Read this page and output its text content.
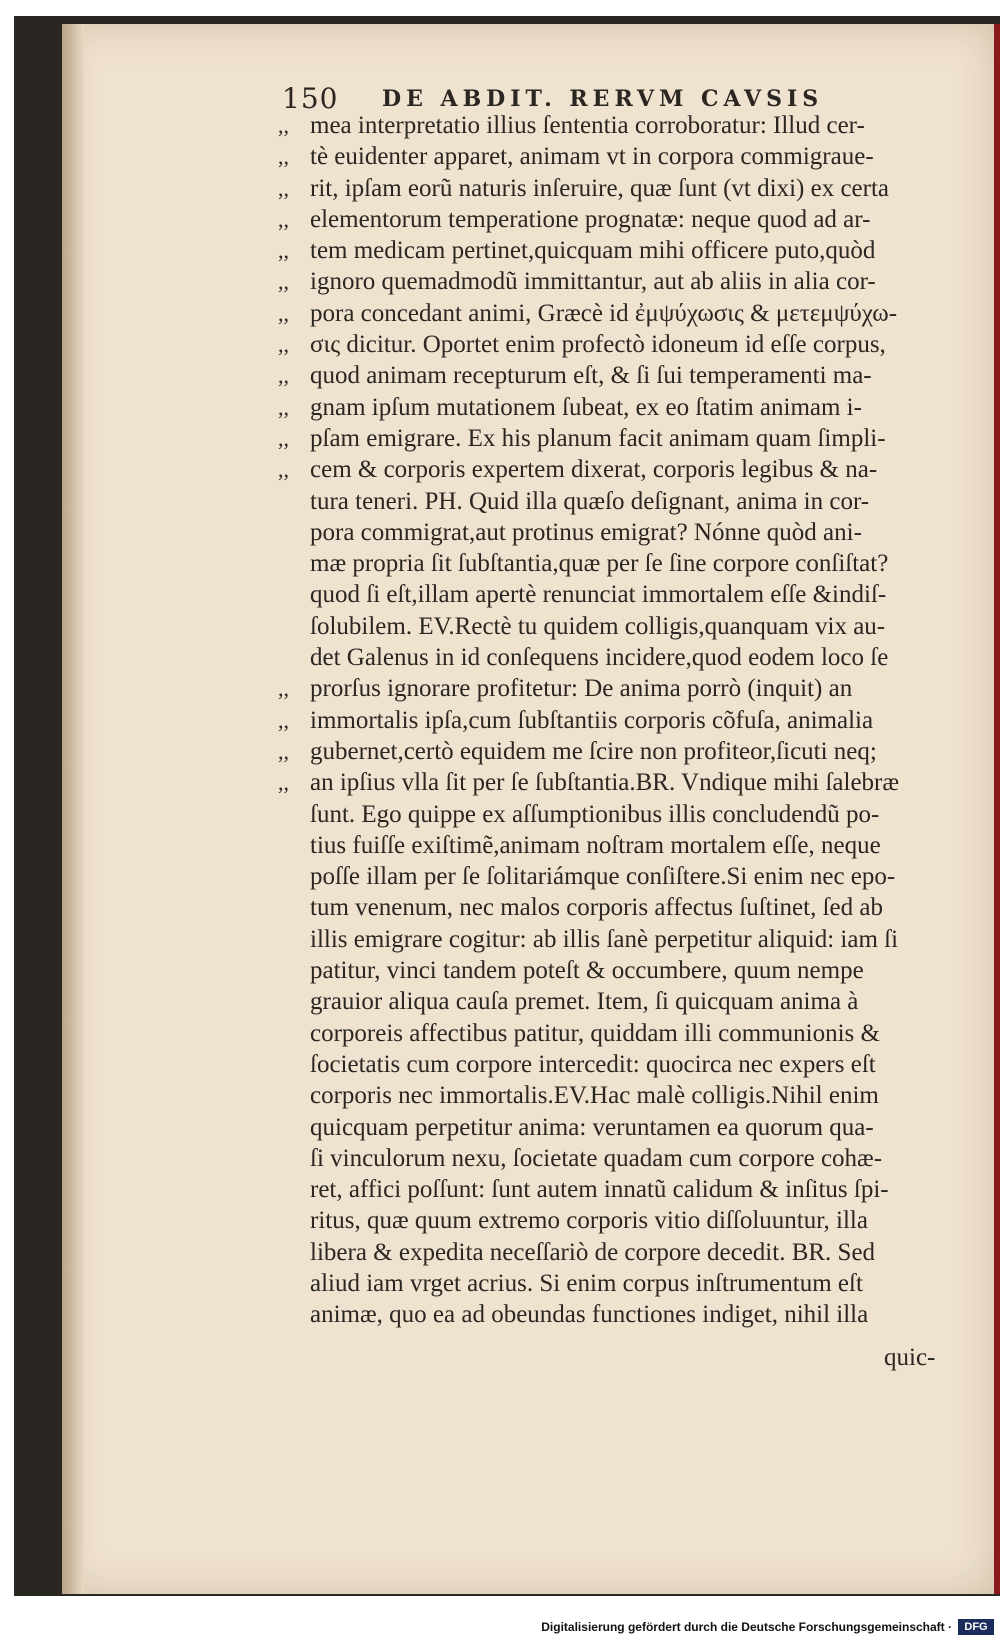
150 DE ABDIT. RERVM CAVSIS
,, mea interpretatio illius ſententia corroboratur: Illud cer-
,, tè euidenter apparet, animam vt in corpora commigraue-
,, rit, ipſam eorũ naturis inſeruire, quæ ſunt (vt dixi) ex certa
,, elementorum temperatione prognatæ: neque quod ad ar-
,, tem medicam pertinet,quicquam mihi officere puto,quòd
,, ignoro quemadmodũ immittantur, aut ab aliis in alia cor-
,, pora concedant animi, Græcè id ἐμψύχωσις & μετεμψύχω-
,, σις dicitur. Oportet enim profectò idoneum id eſſe corpus,
,, quod animam recepturum eſt, & ſi ſui temperamenti ma-
,, gnam ipſum mutationem ſubeat, ex eo ſtatim animam i-
,, pſam emigrare. Ex his planum facit animam quam ſimpli-
,, cem & corporis expertem dixerat, corporis legibus & na-
tura teneri. PH. Quid illa quæſo deſignant, anima in cor-
pora commigrat,aut protinus emigrat? Nónne quòd ani-
mæ propria ſit ſubſtantia,quæ per ſe ſine corpore conſiſtat?
quod ſi eſt,illam apertè renunciat immortalem eſſe &indiſ-
ſolubilem. EV.Rectè tu quidem colligis,quanquam vix au-
det Galenus in id conſequens incidere,quod eodem loco ſe
,, prorſus ignorare profitetur: De anima porrò (inquit) an
,, immortalis ipſa,cum ſubſtantiis corporis cõfuſa, animalia
,, gubernet,certò equidem me ſcire non profiteor,ſicuti neq;
,, an ipſius vlla ſit per ſe ſubſtantia.BR. Vndique mihi ſalebræ
ſunt. Ego quippe ex aſſumptionibus illis concludendũ po-
tius fuiſſe exiſtimẽ,animam noſtram mortalem eſſe, neque
poſſe illam per ſe ſolitariámque conſiſtere.Si enim nec epo-
tum venenum, nec malos corporis affectus ſuſtinet, ſed ab
illis emigrare cogitur: ab illis ſanè perpetitur aliquid: iam ſi
patitur, vinci tandem poteſt & occumbere, quum nempe
grauior aliqua cauſa premet. Item, ſi quicquam anima à
corporeis affectibus patitur, quiddam illi communionis &
ſocietatis cum corpore intercedit: quocirca nec expers eſt
corporis nec immortalis.EV.Hac malè colligis.Nihil enim
quicquam perpetitur anima: veruntamen ea quorum qua-
ſi vinculorum nexu, ſocietate quadam cum corpore cohæ-
ret, affici poſſunt: ſunt autem innatũ calidum & inſitus ſpi-
ritus, quæ quum extremo corporis vitio diſſoluuntur, illa
libera & expedita neceſſariò de corpore decedit. BR. Sed
aliud iam vrget acrius. Si enim corpus inſtrumentum eſt
animæ, quo ea ad obeundas functiones indiget, nihil illa
quic-
Digitalisierung gefördert durch die Deutsche Forschungsgemeinschaft ·	DFG
